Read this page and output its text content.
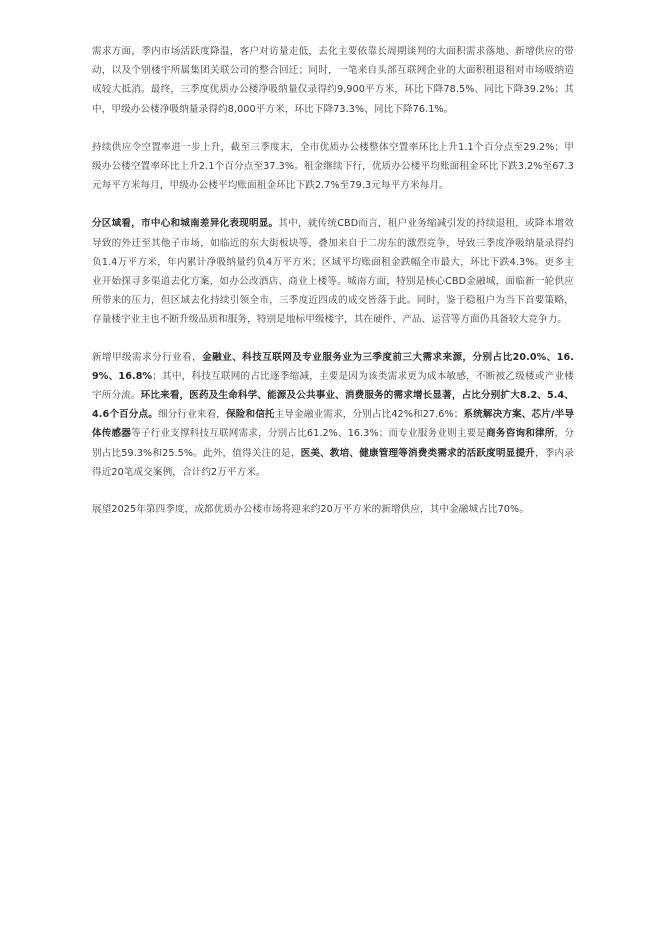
需求方面，季内市场活跃度降温，客户对访量走低，去化主要依靠长周期谈判的大面积需求落地、新增供应的带动，以及个别楼宇所属集团关联公司的整合回迁；同时，一笔来自头部互联网企业的大面积租退租对市场吸纳造成较大抵消。最终，三季度优质办公楼净吸纳量仅录得约9,900平方米，环比下降78.5%、同比下降39.2%；其中，甲级办公楼净吸纳量录得约8,000平方米，环比下降73.3%、同比下降76.1%。

持续供应令空置率进一步上升，截至三季度末，全市优质办公楼整体空置率环比上升1.1个百分点至29.2%；甲级办公楼空置率环比上升2.1个百分点至37.3%。租金继续下行，优质办公楼平均账面租金环比下跌3.2%至67.3元每平方米每月，甲级办公楼平均账面租金环比下跌2.7%至79.3元每平方米每月。

分区域看，市中心和城南差异化表现明显。其中，就传统CBD而言，租户业务缩减引发的持续退租，或降本增效导致的外迁至其他子市场，如临近的东大街板块等，叠加来自于二房东的激烈竞争，导致三季度净吸纳量录得约负1.4万平方米，年内累计净吸纳量约负4万平方米；区域平均账面租金跌幅全市最大，环比下跌4.3%。更多主业开始探寻多渠道去化方案，如办公改酒店、商业上楼等。城南方面，特别是核心CBD金融城，面临新一轮供应所带来的压力，但区域去化持续引领全市，三季度近四成的成交皆落于此。同时，鉴于稳租户为当下首要策略，存量楼宇业主也不断升级品质和服务，特别是地标甲级楼宇，其在硬件、产品、运营等方面仍具备较大竞争力。

新增甲级需求分行业看，金融业、科技互联网及专业服务业为三季度前三大需求来源，分别占比20.0%、16.9%、16.8%；其中，科技互联网的占比逐季缩减，主要是因为该类需求更为成本敏感，不断被乙级楼或产业楼宇所分流。环比来看，医药及生命科学、能源及公共事业、消费服务的需求增长显著，占比分别扩大8.2、5.4、4.6个百分点。细分行业来看，保险和信托主导金融业需求，分别占比42%和27.6%；系统解决方案、芯片/半导体传感器等子行业支撑科技互联网需求，分别占比61.2%、16.3%；而专业服务业则主要是商务咨询和律所，分别占比59.3%和25.5%。此外，值得关注的是，医美、教培、健康管理等消费类需求的活跃度明显提升，季内录得近20笔成交案例，合计约2万平方米。

展望2025年第四季度，成都优质办公楼市场将迎来约20万平方米的新增供应，其中金融城占比70%。
